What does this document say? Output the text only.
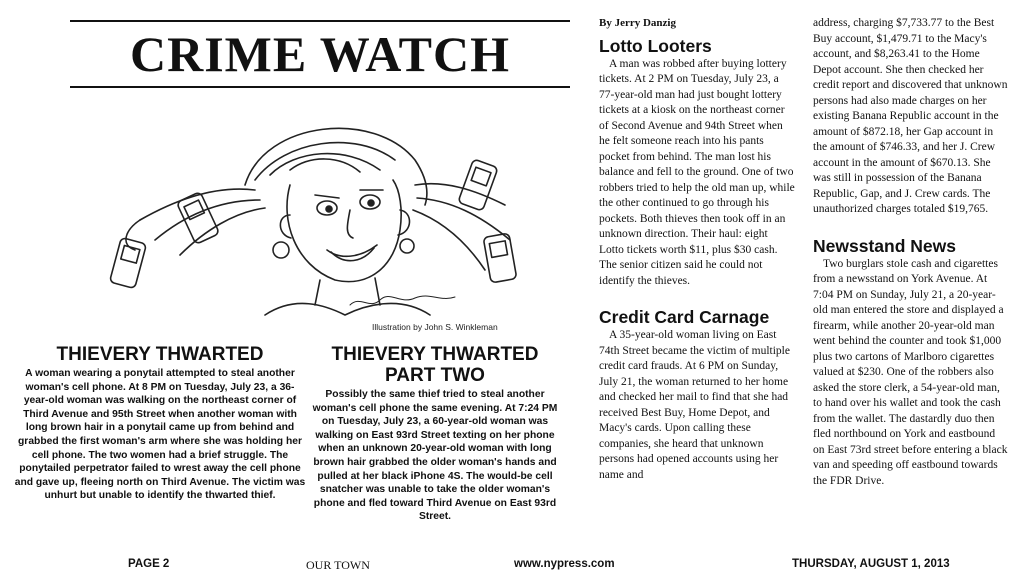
CRIME WATCH
Illustration by John S. Winkleman
THIEVERY THWARTED

A woman wearing a ponytail attempted to steal another woman's cell phone. At 8 PM on Tuesday, July 23, a 36-year-old woman was walking on the northeast corner of Third Avenue and 95th Street when another woman with long brown hair in a ponytail came up from behind and grabbed the first woman's arm where she was holding her cell phone. The two women had a brief struggle. The ponytailed perpetrator failed to wrest away the cell phone and gave up, fleeing north on Third Avenue. The victim was unhurt but unable to identify the thwarted thief.

THIEVERY THWARTED PART TWO

Possibly the same thief tried to steal another woman's cell phone the same evening. At 7:24 PM on Tuesday, July 23, a 60-year-old woman was walking on East 93rd Street texting on her phone when an unknown 20-year-old woman with long brown hair grabbed the older woman's hands and pulled at her black iPhone 4S. The would-be cell snatcher was unable to take the older woman's phone and fled toward Third Avenue on East 93rd Street.

By Jerry Danzig
Lotto Looters

A man was robbed after buying lottery tickets. At 2 PM on Tuesday, July 23, a 77-year-old man had just bought lottery tickets at a kiosk on the northeast corner of Second Avenue and 94th Street when he felt someone reach into his pants pocket from behind. The man lost his balance and fell to the ground. One of two robbers tried to help the old man up, while the other continued to go through his pockets. Both thieves then took off in an unknown direction. Their haul: eight Lotto tickets worth $11, plus $30 cash. The senior citizen said he could not identify the thieves.

Credit Card Carnage

A 35-year-old woman living on East 74th Street became the victim of multiple credit card frauds. At 6 PM on Sunday, July 21, the woman returned to her home and checked her mail to find that she had received Best Buy, Home Depot, and Macy's cards. Upon calling these companies, she heard that unknown persons had opened accounts using her name and

address, charging $7,733.77 to the Best Buy account, $1,479.71 to the Macy's account, and $8,263.41 to the Home Depot account. She then checked her credit report and discovered that unknown persons had also made charges on her existing Banana Republic account in the amount of $872.18, her Gap account in the amount of $746.33, and her J. Crew account in the amount of $670.13. She was still in possession of the Banana Republic, Gap, and J. Crew cards. The unauthorized charges totaled $19,765.

Newsstand News

Two burglars stole cash and cigarettes from a newsstand on York Avenue. At 7:04 PM on Sunday, July 21, a 20-year-old man entered the store and displayed a firearm, while another 20-year-old man went behind the counter and took $1,000 plus two cartons of Marlboro cigarettes valued at $230. One of the robbers also asked the store clerk, a 54-year-old man, to hand over his wallet and took the cash from the wallet. The dastardly duo then fled northbound on York and eastbound on East 73rd street before entering a black van and speeding off eastbound towards the FDR Drive.

PAGE 2	OUR TOWN	www.nypress.com	THURSDAY, AUGUST 1, 2013
